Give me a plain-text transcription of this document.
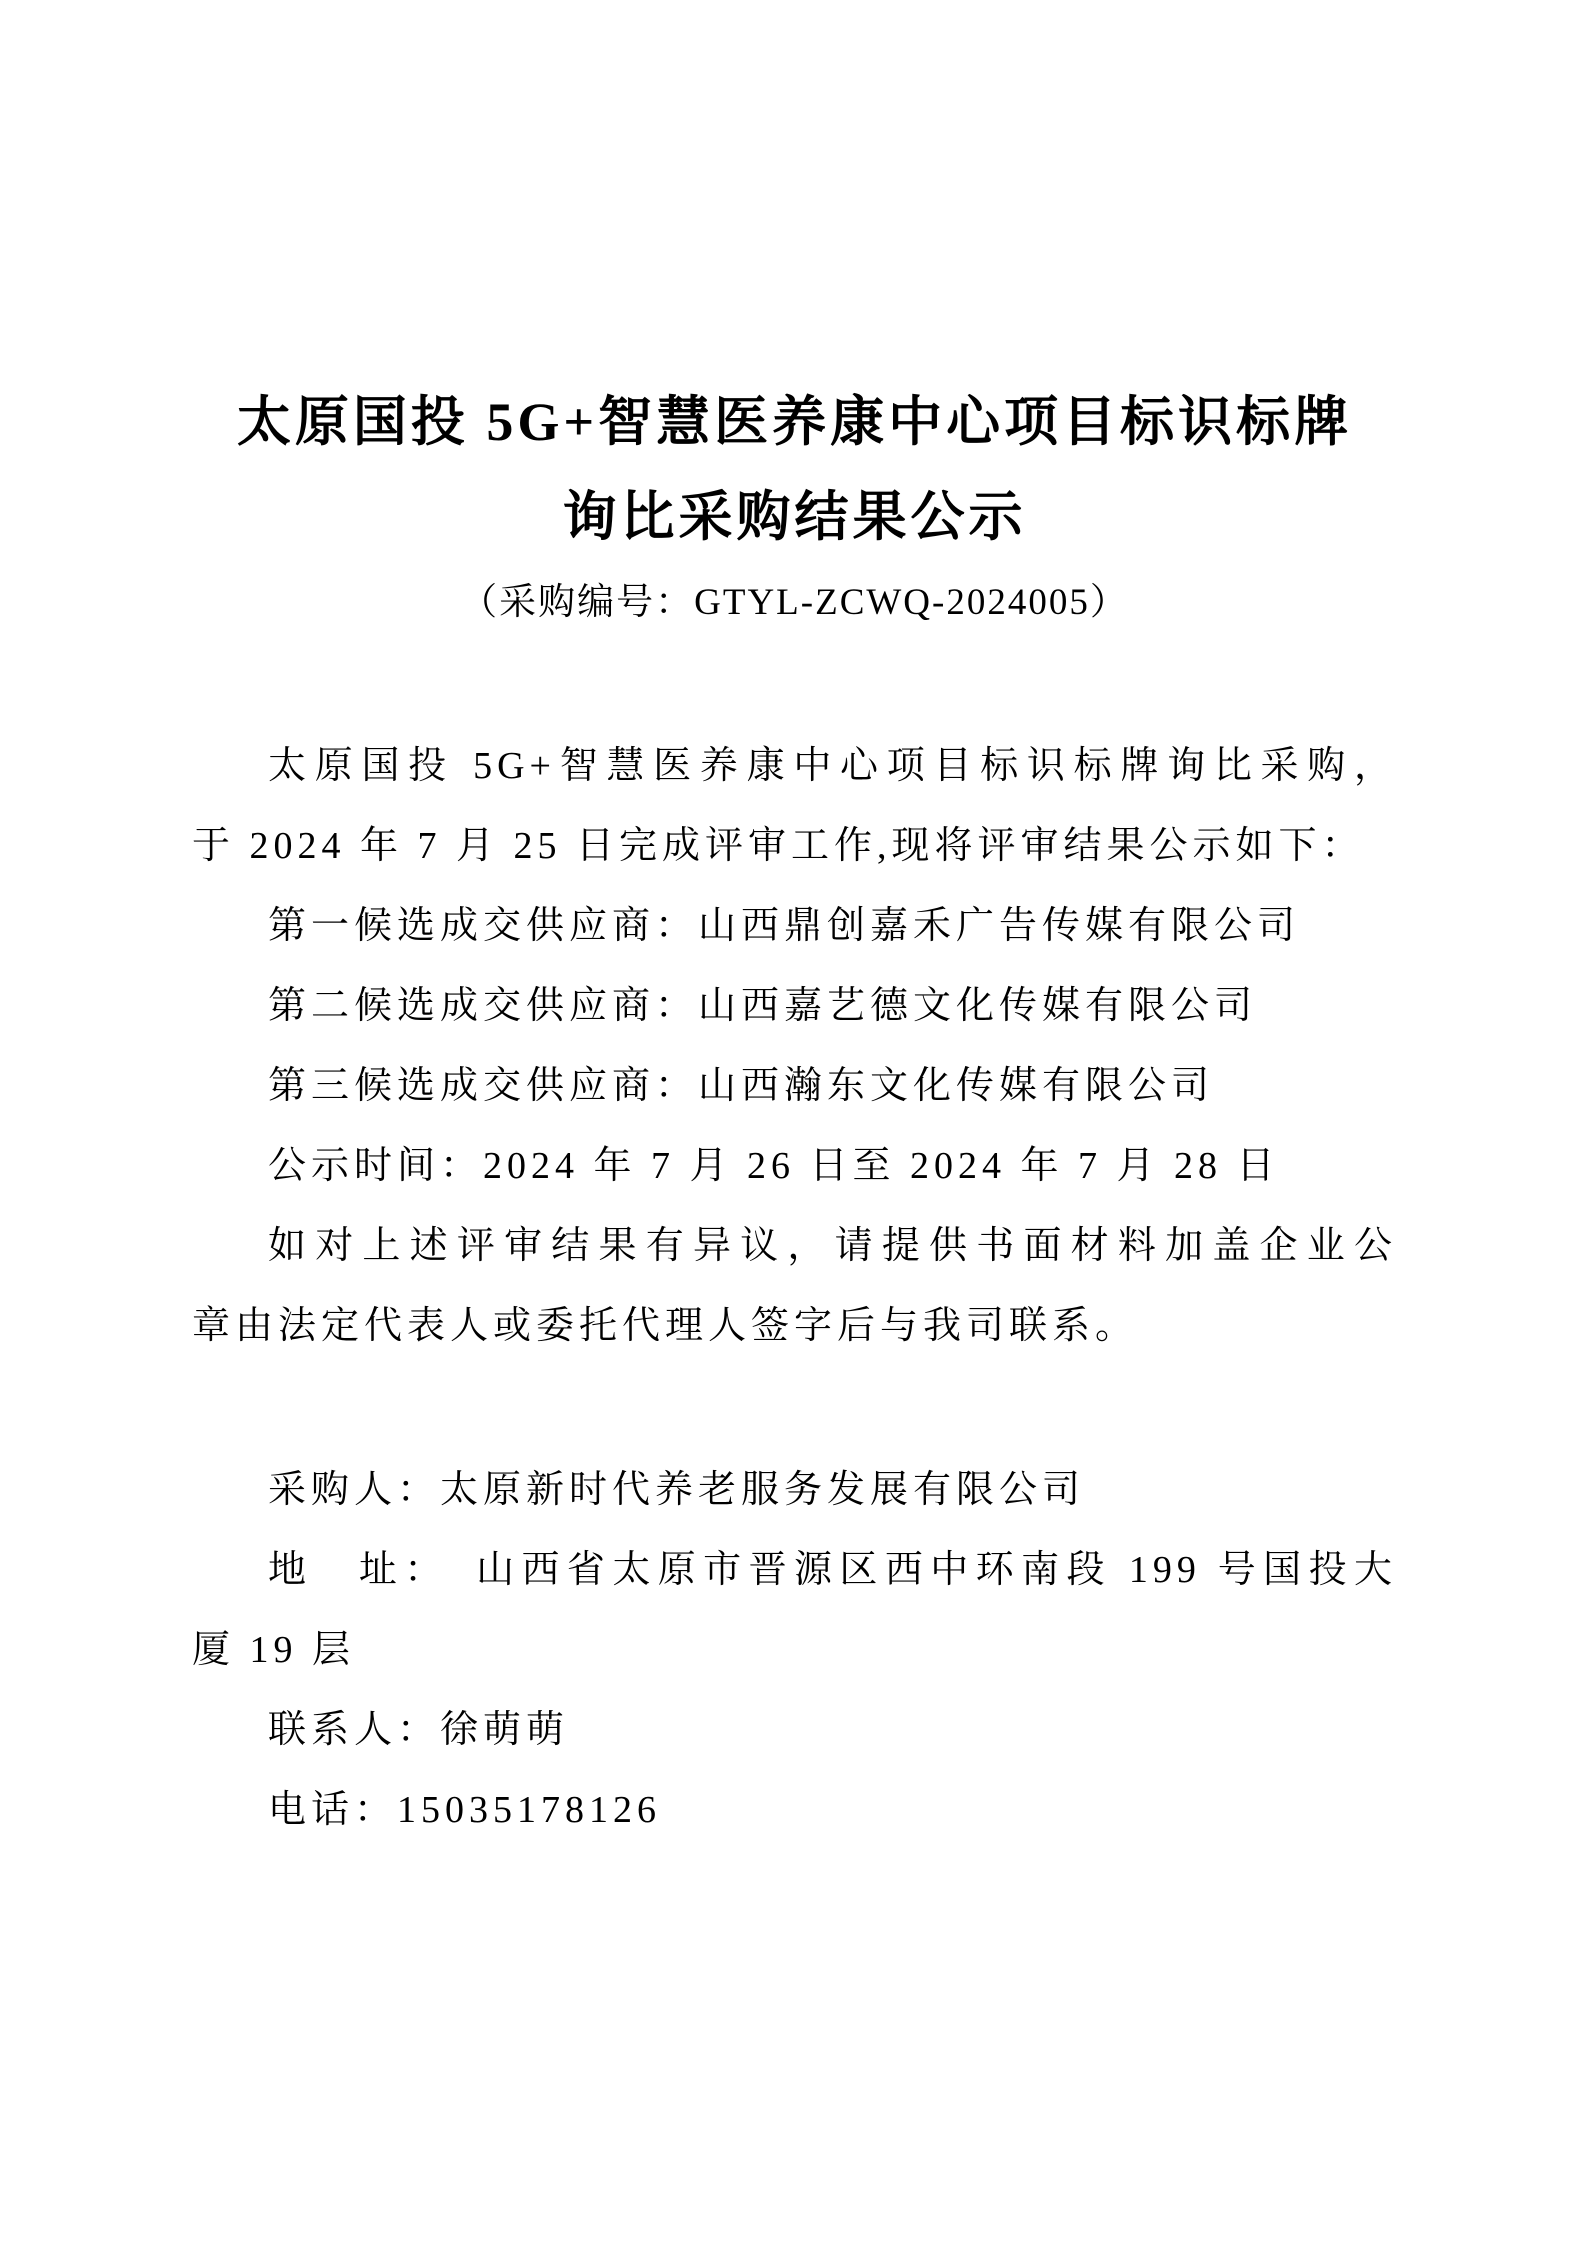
太原国投 5G+智慧医养康中心项目标识标牌
询比采购结果公示
（采购编号：GTYL-ZCWQ-2024005）
太原国投 5G+智慧医养康中心项目标识标牌询比采购，
于 2024 年 7 月 25 日完成评审工作,现将评审结果公示如下：
第一候选成交供应商：山西鼎创嘉禾广告传媒有限公司
第二候选成交供应商：山西嘉艺德文化传媒有限公司
第三候选成交供应商：山西瀚东文化传媒有限公司
公示时间：2024 年 7 月 26 日至 2024 年 7 月 28 日
如对上述评审结果有异议，请提供书面材料加盖企业公
章由法定代表人或委托代理人签字后与我司联系。
采购人：太原新时代养老服务发展有限公司
地　址：　山西省太原市晋源区西中环南段 199 号国投大
厦 19 层
联系人：徐萌萌
电话：15035178126
